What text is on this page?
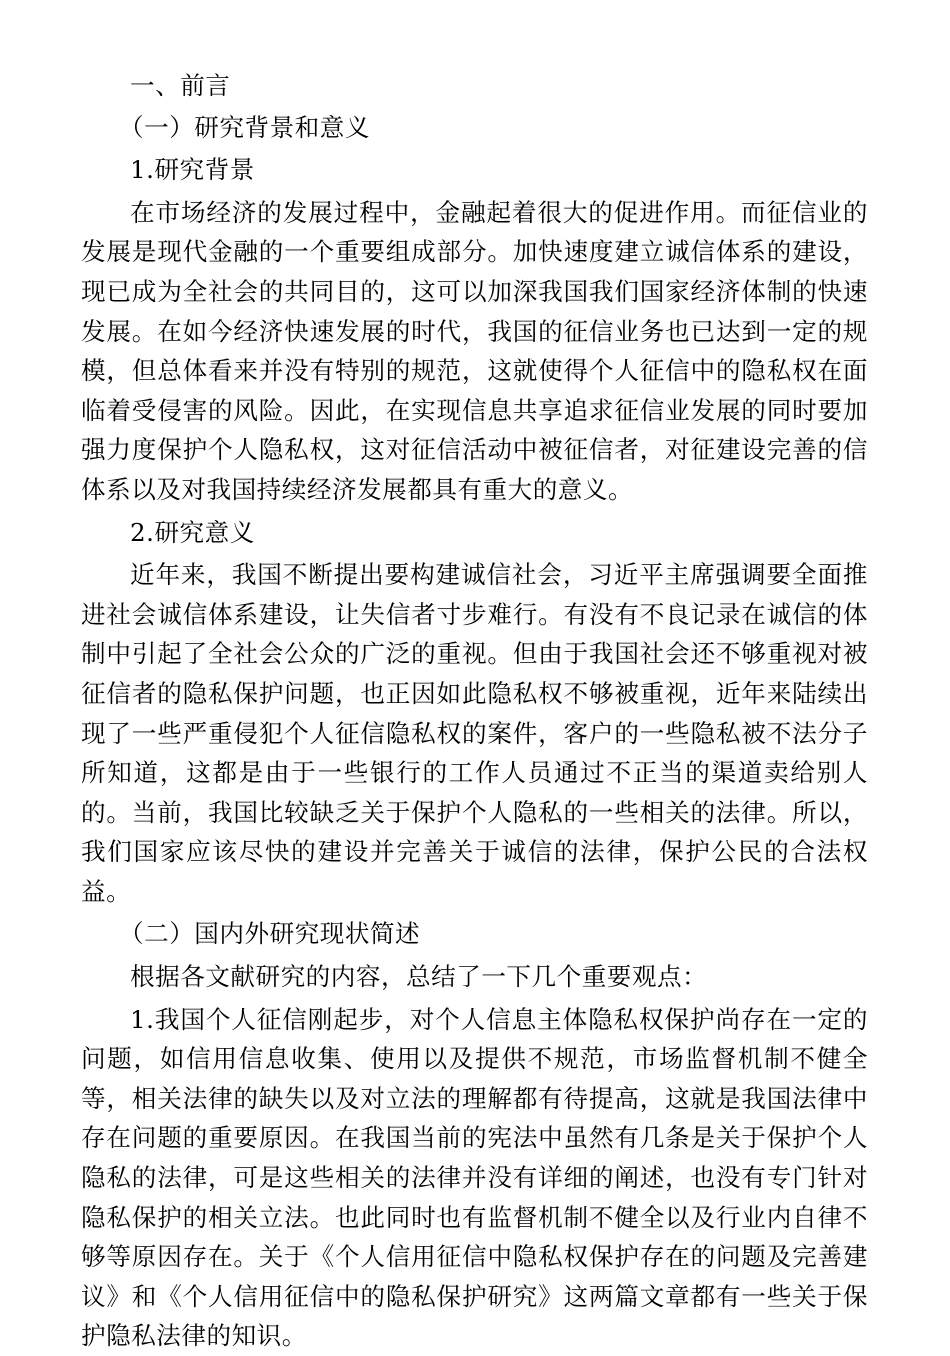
一、前言

（一）研究背景和意义

1.研究背景

在市场经济的发展过程中，金融起着很大的促进作用。而征信业的发展是现代金融的一个重要组成部分。加快速度建立诚信体系的建设，现已成为全社会的共同目的，这可以加深我国我们国家经济体制的快速发展。在如今经济快速发展的时代，我国的征信业务也已达到一定的规模，但总体看来并没有特别的规范，这就使得个人征信中的隐私权在面临着受侵害的风险。因此，在实现信息共享追求征信业发展的同时要加强力度保护个人隐私权，这对征信活动中被征信者，对征建设完善的信体系以及对我国持续经济发展都具有重大的意义。

2.研究意义

近年来，我国不断提出要构建诚信社会，习近平主席强调要全面推进社会诚信体系建设，让失信者寸步难行。有没有不良记录在诚信的体制中引起了全社会公众的广泛的重视。但由于我国社会还不够重视对被征信者的隐私保护问题，也正因如此隐私权不够被重视，近年来陆续出现了一些严重侵犯个人征信隐私权的案件，客户的一些隐私被不法分子所知道，这都是由于一些银行的工作人员通过不正当的渠道卖给别人的。当前，我国比较缺乏关于保护个人隐私的一些相关的法律。所以，我们国家应该尽快的建设并完善关于诚信的法律，保护公民的合法权益。

（二）国内外研究现状简述

根据各文献研究的内容，总结了一下几个重要观点：

1.我国个人征信刚起步，对个人信息主体隐私权保护尚存在一定的问题，如信用信息收集、使用以及提供不规范，市场监督机制不健全等，相关法律的缺失以及对立法的理解都有待提高，这就是我国法律中存在问题的重要原因。在我国当前的宪法中虽然有几条是关于保护个人隐私的法律，可是这些相关的法律并没有详细的阐述，也没有专门针对隐私保护的相关立法。也此同时也有监督机制不健全以及行业内自律不够等原因存在。关于《个人信用征信中隐私权保护存在的问题及完善建议》和《个人信用征信中的隐私保护研究》这两篇文章都有一些关于保护隐私法律的知识。
